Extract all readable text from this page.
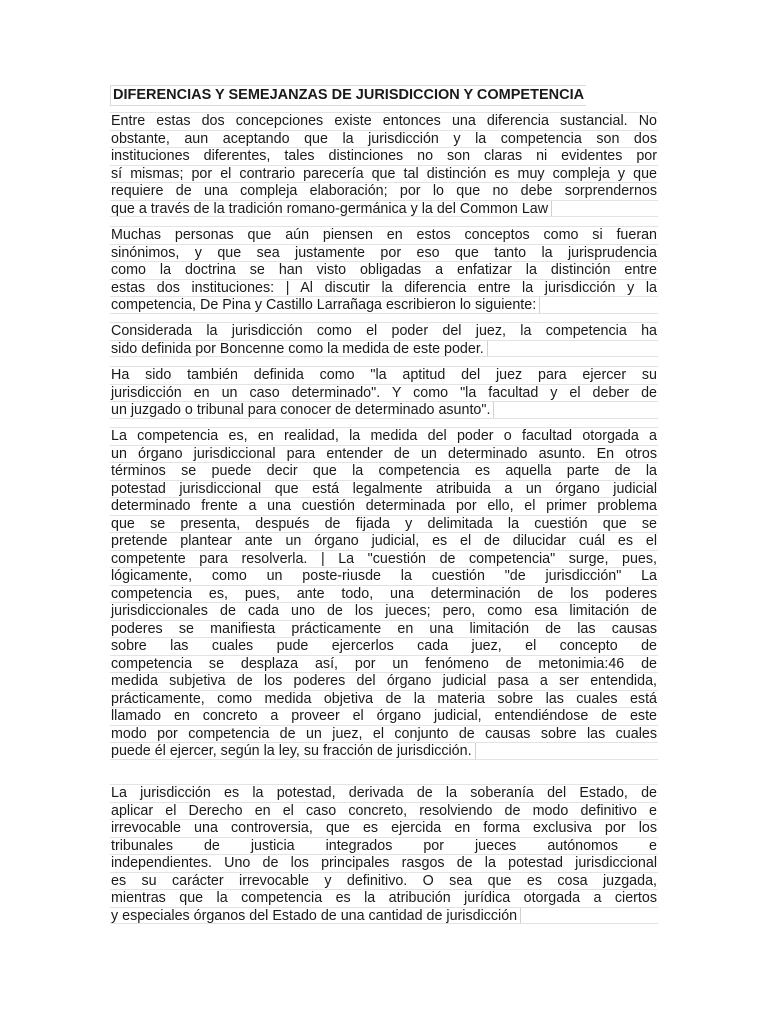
DIFERENCIAS Y SEMEJANZAS DE JURISDICCION Y COMPETENCIA
Entre estas dos concepciones existe entonces una diferencia sustancial. No
obstante, aun aceptando que la jurisdicción y la competencia son dos
instituciones diferentes, tales distinciones no son claras ni evidentes por
sí mismas; por el contrario parecería que tal distinción es muy compleja y que
requiere de una compleja elaboración; por lo que no debe sorprendernos
que a través de la tradición romano-germánica y la del Common Law
Muchas personas que aún piensen en estos conceptos como si fueran
sinónimos, y que sea justamente por eso que tanto la jurisprudencia
como la doctrina se han visto obligadas a enfatizar la distinción entre
estas dos instituciones: | Al discutir la diferencia entre la jurisdicción y la
competencia, De Pina y Castillo Larrañaga escribieron lo siguiente:
Considerada la jurisdicción como el poder del juez, la competencia ha
sido definida por Boncenne como la medida de este poder.
Ha sido también definida como "la aptitud del juez para ejercer su
jurisdicción en un caso determinado". Y como "la facultad y el deber de
un juzgado o tribunal para conocer de determinado asunto".
La competencia es, en realidad, la medida del poder o facultad otorgada a
un órgano jurisdiccional para entender de un determinado asunto. En otros
términos se puede decir que la competencia es aquella parte de la
potestad jurisdiccional que está legalmente atribuida a un órgano judicial
determinado frente a una cuestión determinada por ello, el primer problema
que se presenta, después de fijada y delimitada la cuestión que se
pretende plantear ante un órgano judicial, es el de dilucidar cuál es el
competente para resolverla. | La "cuestión de competencia" surge, pues,
lógicamente, como un poste-riusde la cuestión "de jurisdicción" La
competencia es, pues, ante todo, una determinación de los poderes
jurisdiccionales de cada uno de los jueces; pero, como esa limitación de
poderes se manifiesta prácticamente en una limitación de las causas
sobre las cuales pude ejercerlos cada juez, el concepto de
competencia se desplaza así, por un fenómeno de metonimia:46 de
medida subjetiva de los poderes del órgano judicial pasa a ser entendida,
prácticamente, como medida objetiva de la materia sobre las cuales está
llamado en concreto a proveer el órgano judicial, entendiéndose de este
modo por competencia de un juez, el conjunto de causas sobre las cuales
puede él ejercer, según la ley, su fracción de jurisdicción.
La jurisdicción es la potestad, derivada de la soberanía del Estado, de
aplicar el Derecho en el caso concreto, resolviendo de modo definitivo e
irrevocable una controversia, que es ejercida en forma exclusiva por los
tribunales de justicia integrados por jueces autónomos e
independientes. Uno de los principales rasgos de la potestad jurisdiccional
es su carácter irrevocable y definitivo. O sea que es cosa juzgada,
mientras que la competencia es la atribución jurídica otorgada a ciertos
y especiales órganos del Estado de una cantidad de jurisdicción
